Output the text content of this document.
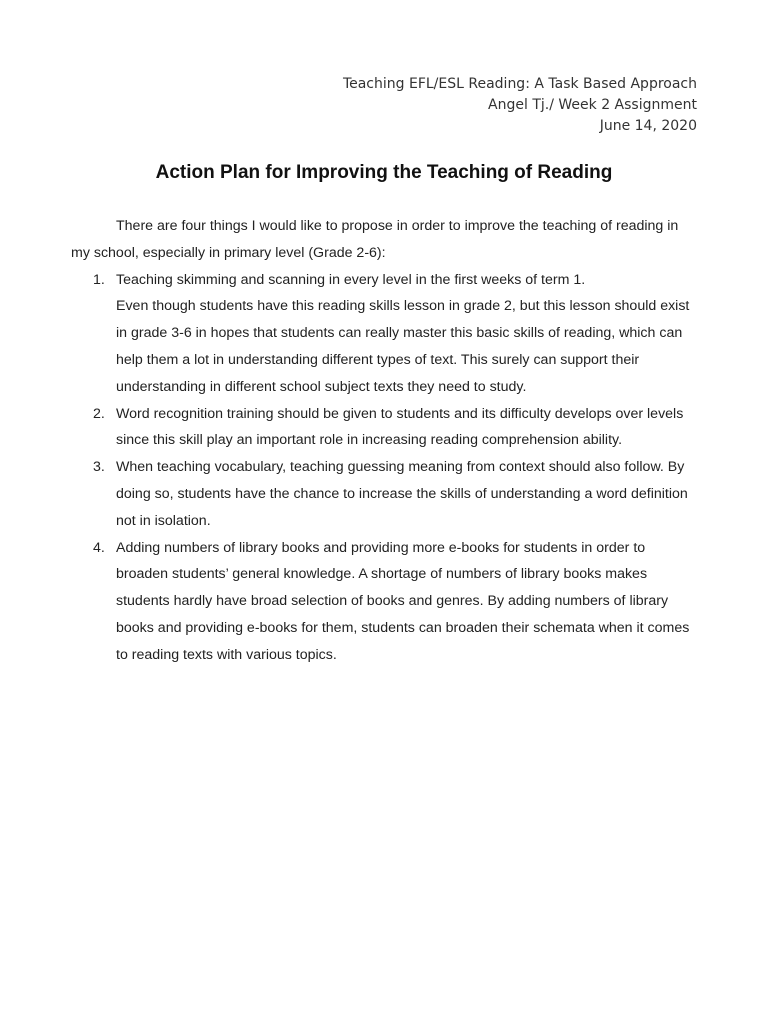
Teaching EFL/ESL Reading: A Task Based Approach
Angel Tj./ Week 2 Assignment
June 14, 2020
Action Plan for Improving the Teaching of Reading

There are four things I would like to propose in order to improve the teaching of reading in my school, especially in primary level (Grade 2-6):

1. Teaching skimming and scanning in every level in the first weeks of term 1.
Even though students have this reading skills lesson in grade 2, but this lesson should exist in grade 3-6 in hopes that students can really master this basic skills of reading, which can help them a lot in understanding different types of text. This surely can support their understanding in different school subject texts they need to study.
2. Word recognition training should be given to students and its difficulty develops over levels since this skill play an important role in increasing reading comprehension ability.
3. When teaching vocabulary, teaching guessing meaning from context should also follow. By doing so, students have the chance to increase the skills of understanding a word definition not in isolation.
4. Adding numbers of library books and providing more e-books for students in order to broaden students’ general knowledge. A shortage of numbers of library books makes students hardly have broad selection of books and genres. By adding numbers of library books and providing e-books for them, students can broaden their schemata when it comes to reading texts with various topics.
